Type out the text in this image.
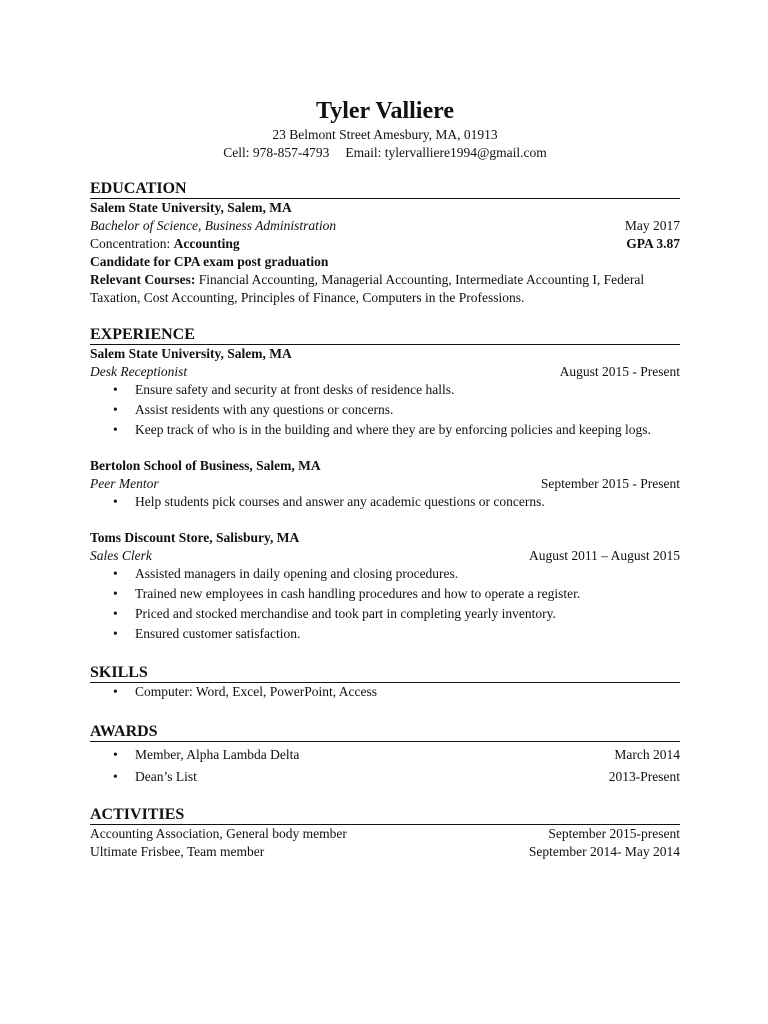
Tyler Valliere
23 Belmont Street Amesbury, MA, 01913
Cell: 978-857-4793 Email: tylervalliere1994@gmail.com
EDUCATION
Salem State University, Salem, MA
Bachelor of Science, Business Administration	May 2017
Concentration: Accounting	GPA 3.87
Candidate for CPA exam post graduation
Relevant Courses: Financial Accounting, Managerial Accounting, Intermediate Accounting I, Federal Taxation, Cost Accounting, Principles of Finance, Computers in the Professions.
EXPERIENCE
Salem State University, Salem, MA
Desk Receptionist	August 2015 - Present
• Ensure safety and security at front desks of residence halls.
• Assist residents with any questions or concerns.
• Keep track of who is in the building and where they are by enforcing policies and keeping logs.
Bertolon School of Business, Salem, MA
Peer Mentor	September 2015 - Present
• Help students pick courses and answer any academic questions or concerns.
Toms Discount Store, Salisbury, MA
Sales Clerk	August 2011 – August 2015
• Assisted managers in daily opening and closing procedures.
• Trained new employees in cash handling procedures and how to operate a register.
• Priced and stocked merchandise and took part in completing yearly inventory.
• Ensured customer satisfaction.
SKILLS
• Computer: Word, Excel, PowerPoint, Access
AWARDS
• Member, Alpha Lambda Delta	March 2014
• Dean’s List	2013-Present
ACTIVITIES
Accounting Association, General body member	September 2015-present
Ultimate Frisbee, Team member	September 2014- May 2014
